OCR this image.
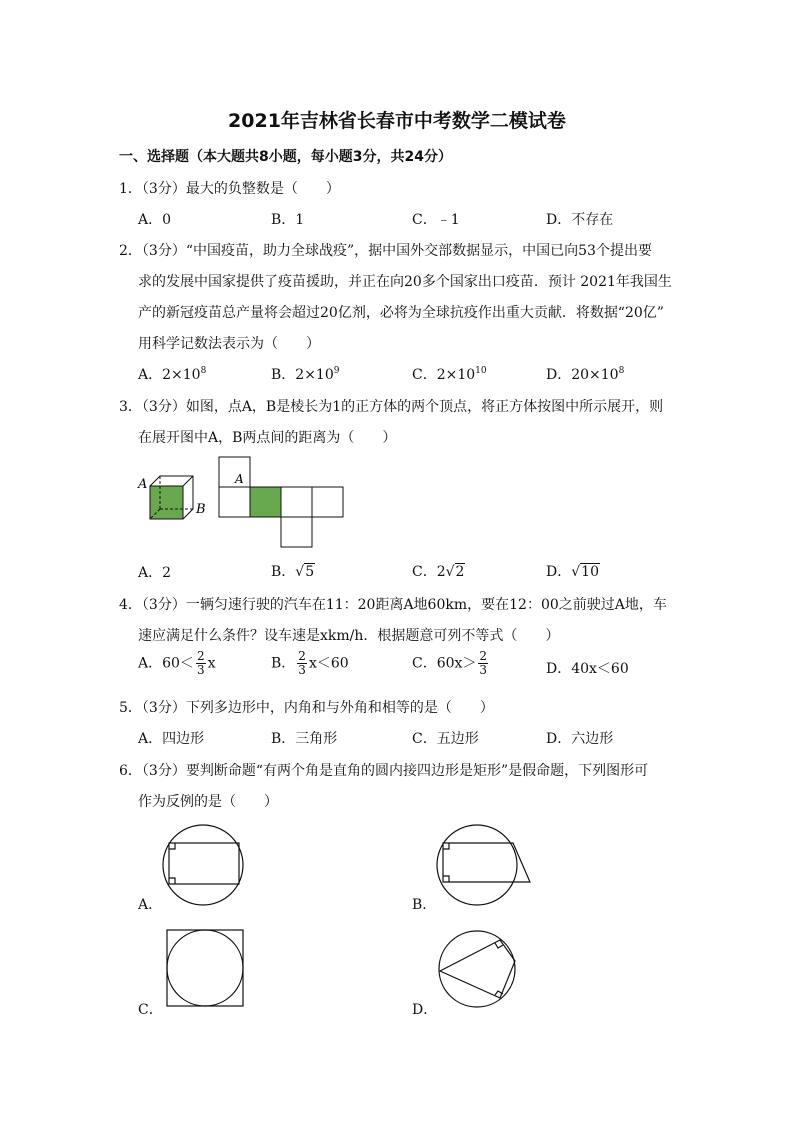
2021年吉林省长春市中考数学二模试卷
一、选择题（本大题共8小题，每小题3分，共24分）
1．（3分）最大的负整数是（　　）
A．0	B．1	C．﹣1	D．不存在
2．（3分）“中国疫苗，助力全球战疫”，据中国外交部数据显示，中国已向53个提出要
求的发展中国家提供了疫苗援助，并正在向20多个国家出口疫苗．预计 2021年我国生
产的新冠疫苗总产量将会超过20亿剂，必将为全球抗疫作出重大贡献．将数据“20亿”
用科学记数法表示为（　　）
A．$2\times 10^8$	B．$2\times 10^9$	C．$2\times 10^{10}$	D．$20\times 10^8$
3．（3分）如图，点A，B是棱长为1的正方体的两个顶点，将正方体按图中所示展开，则
在展开图中A，B两点间的距离为（　　）
A
B
A
A．2	B．√5	C．2√2	D．√10
4．（3分）一辆匀速行驶的汽车在11：20距离A地60km，要在12：00之前驶过A地，车
速应满足什么条件？设车速是xkm/h．根据题意可列不等式（　　）
A．$60< \frac{2}{3}$ x	B． $\frac{2}{3} x<60$	C．$60x> \frac{2}{3}$	D．40x＜60
5．（3分）下列多边形中，内角和与外角和相等的是（　　）
A．四边形	B．三角形	C．五边形	D．六边形
6．（3分）要判断命题“有两个角是直角的圆内接四边形是矩形”是假命题，下列图形可
作为反例的是（　　）
A．	B．
C．	D．
